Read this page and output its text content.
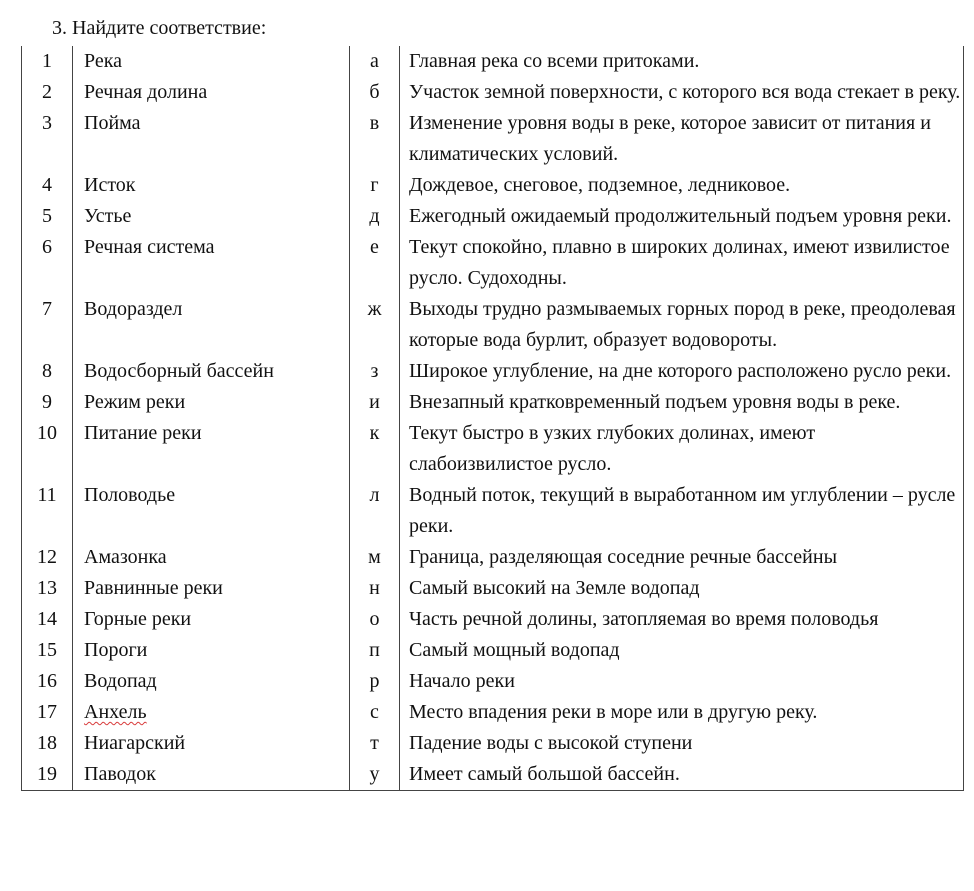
3. Найдите соответствие:
1	Река	а	Главная река со всеми притоками.
2	Речная долина	б	Участок земной поверхности, с которого вся вода стекает в реку.
3	Пойма	в	Изменение уровня воды в реке, которое зависит от питания и климатических условий.
4	Исток	г	Дождевое, снеговое, подземное, ледниковое.
5	Устье	д	Ежегодный ожидаемый продолжительный подъем уровня реки.
6	Речная система	е	Текут спокойно, плавно в широких долинах, имеют извилистое русло. Судоходны.
7	Водораздел	ж	Выходы трудно размываемых горных пород в реке, преодолевая которые вода бурлит, образует водовороты.
8	Водосборный бассейн	з	Широкое углубление, на дне которого расположено русло реки.
9	Режим реки	и	Внезапный кратковременный подъем уровня воды в реке.
10	Питание реки	к	Текут быстро в узких глубоких долинах, имеют слабоизвилистое русло.
11	Половодье	л	Водный поток, текущий в выработанном им углублении – русле реки.
12	Амазонка	м	Граница, разделяющая соседние речные бассейны
13	Равнинные реки	н	Самый высокий на Земле водопад
14	Горные реки	о	Часть речной долины, затопляемая во время половодья
15	Пороги	п	Самый мощный водопад
16	Водопад	р	Начало реки
17	Анхель	с	Место впадения реки в море или в другую реку.
18	Ниагарский	т	Падение воды с высокой ступени
19	Паводок	у	Имеет самый большой бассейн.
